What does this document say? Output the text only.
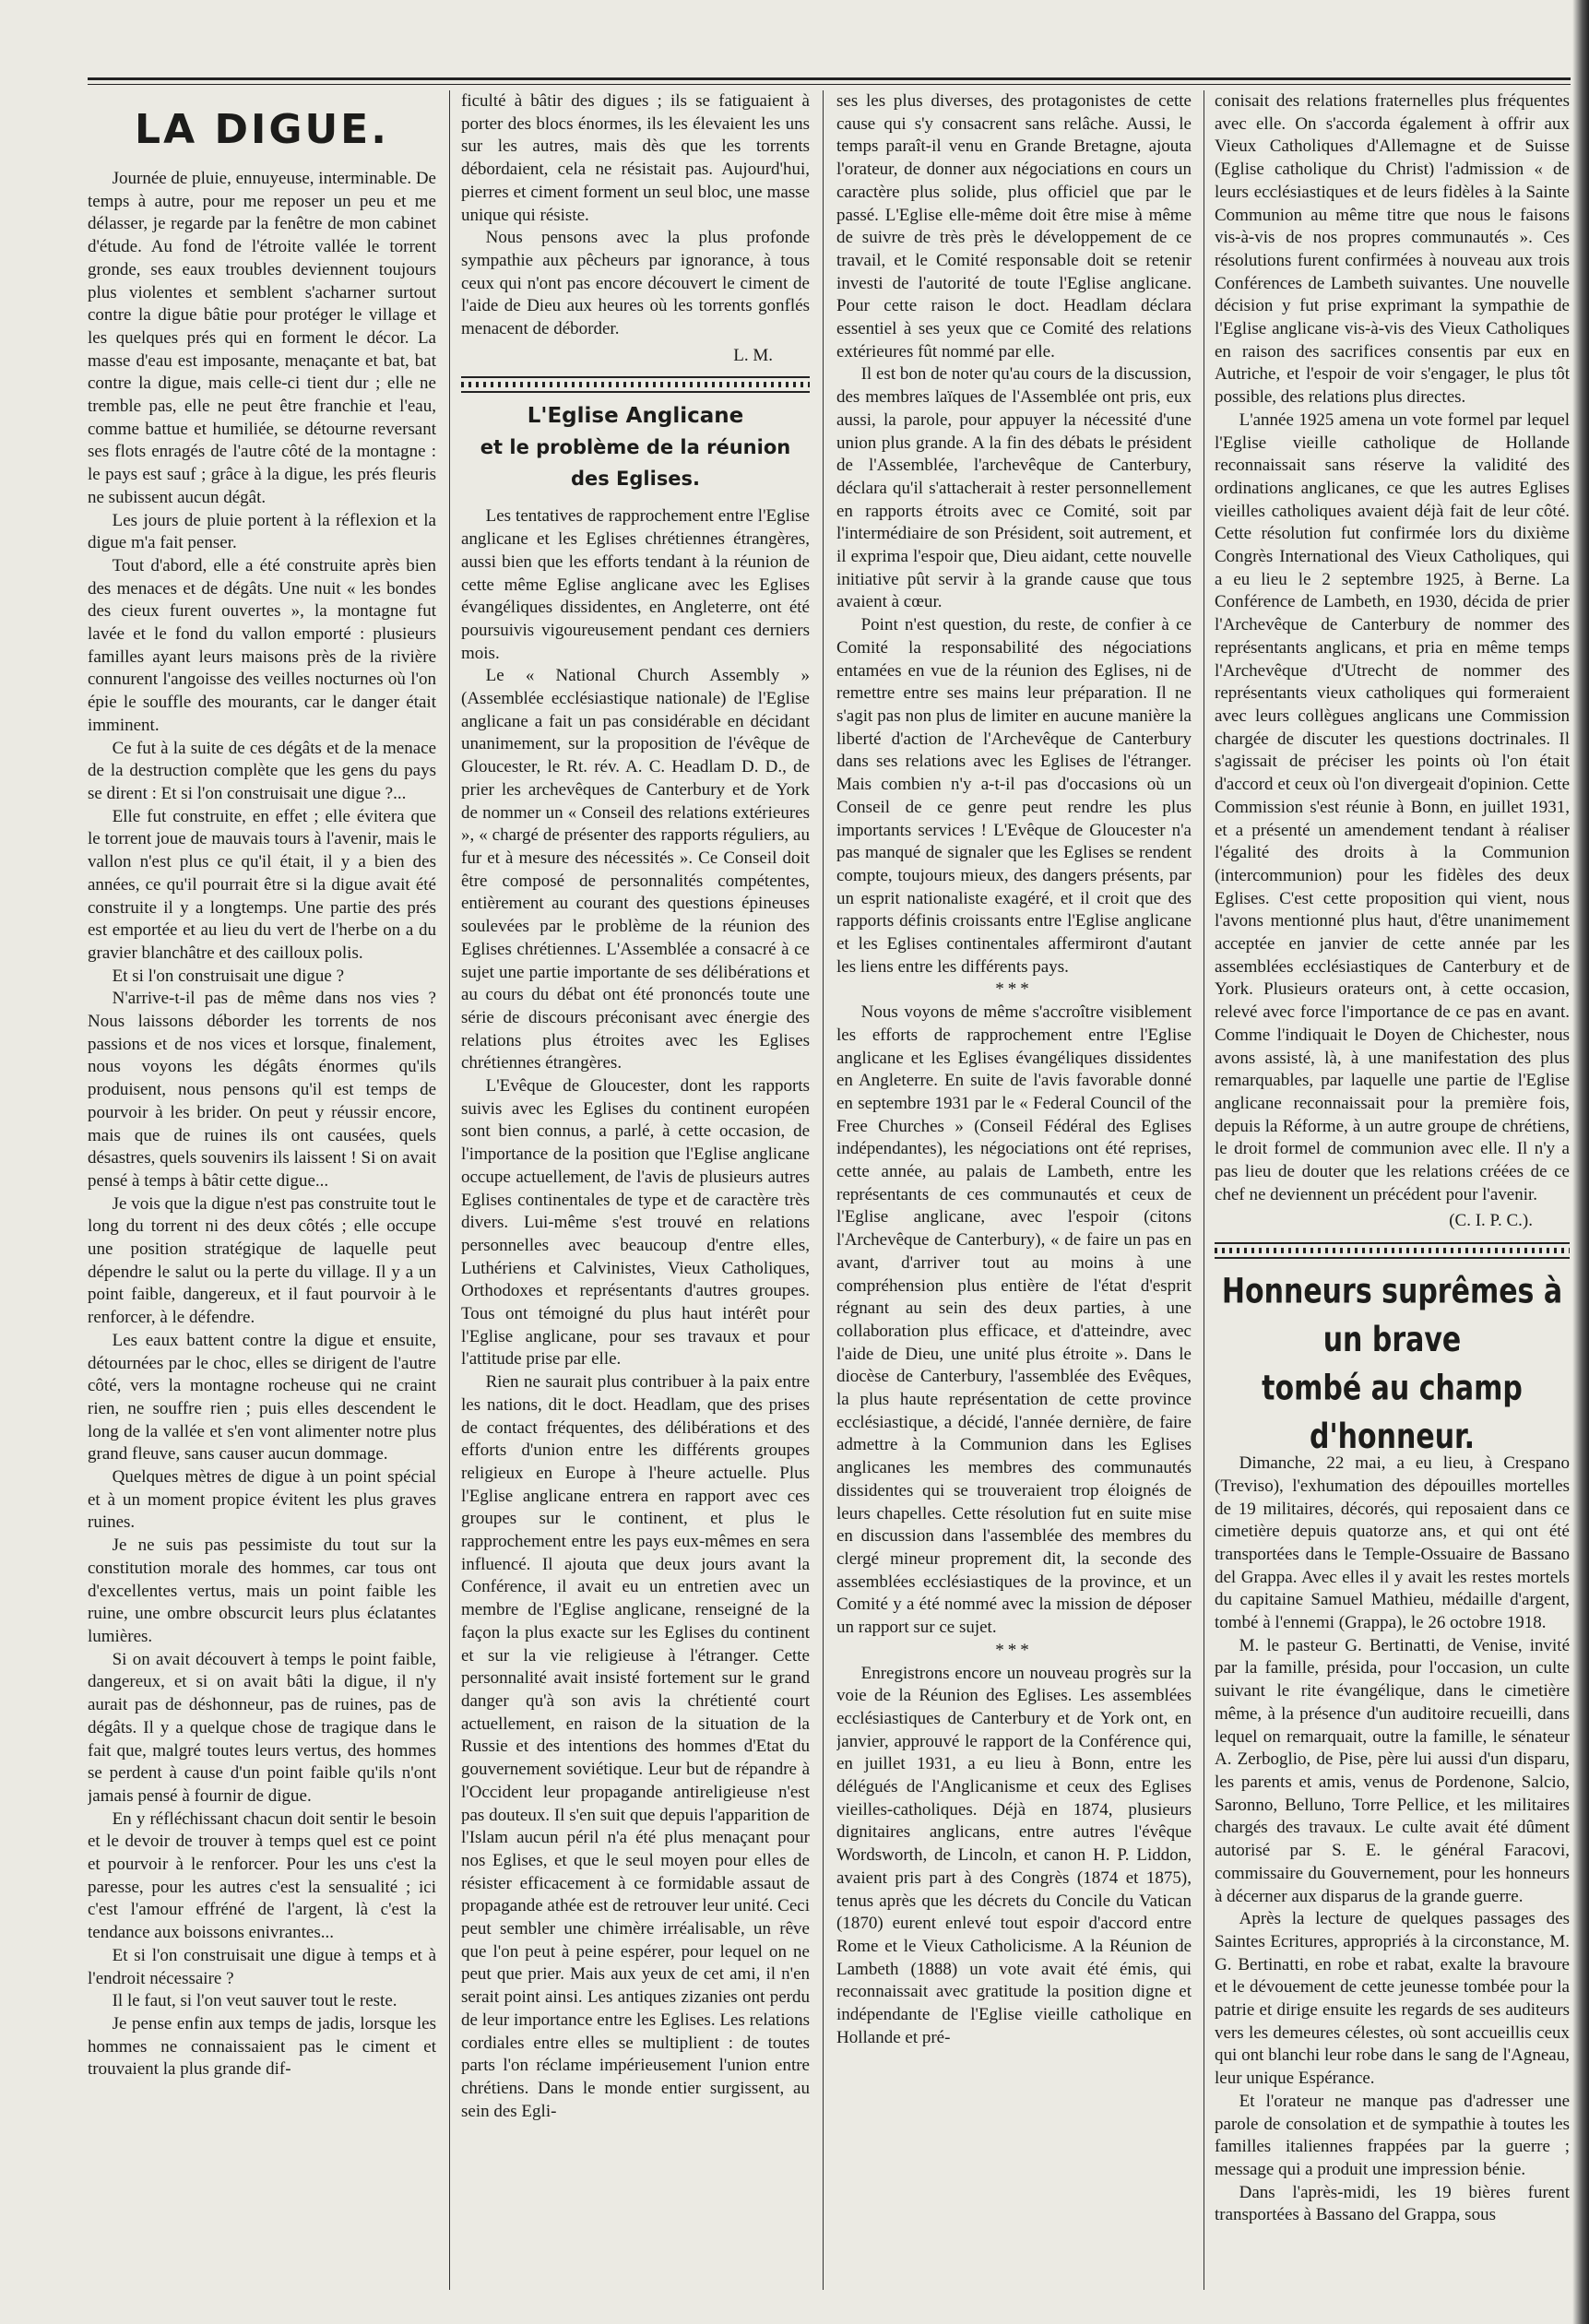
LA DIGUE.

Journée de pluie, ennuyeuse, interminable. De temps à autre, pour me reposer un peu et me délasser, je regarde par la fenêtre de mon cabinet d'étude. Au fond de l'étroite vallée le torrent gronde, ses eaux troubles deviennent toujours plus violentes et semblent s'acharner surtout contre la digue bâtie pour protéger le village et les quelques prés qui en forment le décor. La masse d'eau est imposante, menaçante et bat, bat contre la digue, mais celle-ci tient dur ; elle ne tremble pas, elle ne peut être franchie et l'eau, comme battue et humiliée, se détourne reversant ses flots enragés de l'autre côté de la montagne : le pays est sauf ; grâce à la digue, les prés fleuris ne subissent aucun dégât.

Les jours de pluie portent à la réflexion et la digue m'a fait penser.

Tout d'abord, elle a été construite après bien des menaces et de dégâts. Une nuit « les bondes des cieux furent ouvertes », la montagne fut lavée et le fond du vallon emporté : plusieurs familles ayant leurs maisons près de la rivière connurent l'angoisse des veilles nocturnes où l'on épie le souffle des mourants, car le danger était imminent.

Ce fut à la suite de ces dégâts et de la menace de la destruction complète que les gens du pays se dirent : Et si l'on construisait une digue ?...

Elle fut construite, en effet ; elle évitera que le torrent joue de mauvais tours à l'avenir, mais le vallon n'est plus ce qu'il était, il y a bien des années, ce qu'il pourrait être si la digue avait été construite il y a longtemps. Une partie des prés est emportée et au lieu du vert de l'herbe on a du gravier blanchâtre et des cailloux polis.

Et si l'on construisait une digue ?

N'arrive-t-il pas de même dans nos vies ? Nous laissons déborder les torrents de nos passions et de nos vices et lorsque, finalement, nous voyons les dégâts énormes qu'ils produisent, nous pensons qu'il est temps de pourvoir à les brider. On peut y réussir encore, mais que de ruines ils ont causées, quels désastres, quels souvenirs ils laissent ! Si on avait pensé à temps à bâtir cette digue...

Je vois que la digue n'est pas construite tout le long du torrent ni des deux côtés ; elle occupe une position stratégique de laquelle peut dépendre le salut ou la perte du village. Il y a un point faible, dangereux, et il faut pourvoir à le renforcer, à le défendre.

Les eaux battent contre la digue et ensuite, détournées par le choc, elles se dirigent de l'autre côté, vers la montagne rocheuse qui ne craint rien, ne souffre rien ; puis elles descendent le long de la vallée et s'en vont alimenter notre plus grand fleuve, sans causer aucun dommage.

Quelques mètres de digue à un point spécial et à un moment propice évitent les plus graves ruines.

Je ne suis pas pessimiste du tout sur la constitution morale des hommes, car tous ont d'excellentes vertus, mais un point faible les ruine, une ombre obscurcit leurs plus éclatantes lumières.

Si on avait découvert à temps le point faible, dangereux, et si on avait bâti la digue, il n'y aurait pas de déshonneur, pas de ruines, pas de dégâts. Il y a quelque chose de tragique dans le fait que, malgré toutes leurs vertus, des hommes se perdent à cause d'un point faible qu'ils n'ont jamais pensé à fournir de digue.

En y réfléchissant chacun doit sentir le besoin et le devoir de trouver à temps quel est ce point et pourvoir à le renforcer. Pour les uns c'est la paresse, pour les autres c'est la sensualité ; ici c'est l'amour effréné de l'argent, là c'est la tendance aux boissons enivrantes...

Et si l'on construisait une digue à temps et à l'endroit nécessaire ?

Il le faut, si l'on veut sauver tout le reste.

Je pense enfin aux temps de jadis, lorsque les hommes ne connaissaient pas le ciment et trouvaient la plus grande dif-

ficulté à bâtir des digues ; ils se fatiguaient à porter des blocs énormes, ils les élevaient les uns sur les autres, mais dès que les torrents débordaient, cela ne résistait pas. Aujourd'hui, pierres et ciment forment un seul bloc, une masse unique qui résiste.

Nous pensons avec la plus profonde sympathie aux pêcheurs par ignorance, à tous ceux qui n'ont pas encore découvert le ciment de l'aide de Dieu aux heures où les torrents gonflés menacent de déborder.

L. M.

L'Eglise Anglicane
et le problème de la réunion des Eglises.

Les tentatives de rapprochement entre l'Eglise anglicane et les Eglises chrétiennes étrangères, aussi bien que les efforts tendant à la réunion de cette même Eglise anglicane avec les Eglises évangéliques dissidentes, en Angleterre, ont été poursuivis vigoureusement pendant ces derniers mois.

Le « National Church Assembly » (Assemblée ecclésiastique nationale) de l'Eglise anglicane a fait un pas considérable en décidant unanimement, sur la proposition de l'évêque de Gloucester, le Rt. rév. A. C. Headlam D. D., de prier les archevêques de Canterbury et de York de nommer un « Conseil des relations extérieures », « chargé de présenter des rapports réguliers, au fur et à mesure des nécessités ». Ce Conseil doit être composé de personnalités compétentes, entièrement au courant des questions épineuses soulevées par le problème de la réunion des Eglises chrétiennes. L'Assemblée a consacré à ce sujet une partie importante de ses délibérations et au cours du débat ont été prononcés toute une série de discours préconisant avec énergie des relations plus étroites avec les Eglises chrétiennes étrangères.

L'Evêque de Gloucester, dont les rapports suivis avec les Eglises du continent européen sont bien connus, a parlé, à cette occasion, de l'importance de la position que l'Eglise anglicane occupe actuellement, de l'avis de plusieurs autres Eglises continentales de type et de caractère très divers. Lui-même s'est trouvé en relations personnelles avec beaucoup d'entre elles, Luthériens et Calvinistes, Vieux Catholiques, Orthodoxes et représentants d'autres groupes. Tous ont témoigné du plus haut intérêt pour l'Eglise anglicane, pour ses travaux et pour l'attitude prise par elle.

Rien ne saurait plus contribuer à la paix entre les nations, dit le doct. Headlam, que des prises de contact fréquentes, des délibérations et des efforts d'union entre les différents groupes religieux en Europe à l'heure actuelle. Plus l'Eglise anglicane entrera en rapport avec ces groupes sur le continent, et plus le rapprochement entre les pays eux-mêmes en sera influencé. Il ajouta que deux jours avant la Conférence, il avait eu un entretien avec un membre de l'Eglise anglicane, renseigné de la façon la plus exacte sur les Eglises du continent et sur la vie religieuse à l'étranger. Cette personnalité avait insisté fortement sur le grand danger qu'à son avis la chrétienté court actuellement, en raison de la situation de la Russie et des intentions des hommes d'Etat du gouvernement soviétique. Leur but de répandre à l'Occident leur propagande antireligieuse n'est pas douteux. Il s'en suit que depuis l'apparition de l'Islam aucun péril n'a été plus menaçant pour nos Eglises, et que le seul moyen pour elles de résister efficacement à ce formidable assaut de propagande athée est de retrouver leur unité. Ceci peut sembler une chimère irréalisable, un rêve que l'on peut à peine espérer, pour lequel on ne peut que prier. Mais aux yeux de cet ami, il n'en serait point ainsi. Les antiques zizanies ont perdu de leur importance entre les Eglises. Les relations cordiales entre elles se multiplient : de toutes parts l'on réclame impérieusement l'union entre chrétiens. Dans le monde entier surgissent, au sein des Egli-

ses les plus diverses, des protagonistes de cette cause qui s'y consacrent sans relâche. Aussi, le temps paraît-il venu en Grande Bretagne, ajouta l'orateur, de donner aux négociations en cours un caractère plus solide, plus officiel que par le passé. L'Eglise elle-même doit être mise à même de suivre de très près le développement de ce travail, et le Comité responsable doit se retenir investi de l'autorité de toute l'Eglise anglicane. Pour cette raison le doct. Headlam déclara essentiel à ses yeux que ce Comité des relations extérieures fût nommé par elle.

Il est bon de noter qu'au cours de la discussion, des membres laïques de l'Assemblée ont pris, eux aussi, la parole, pour appuyer la nécessité d'une union plus grande. A la fin des débats le président de l'Assemblée, l'archevêque de Canterbury, déclara qu'il s'attacherait à rester personnellement en rapports étroits avec ce Comité, soit par l'intermédiaire de son Président, soit autrement, et il exprima l'espoir que, Dieu aidant, cette nouvelle initiative pût servir à la grande cause que tous avaient à cœur.

Point n'est question, du reste, de confier à ce Comité la responsabilité des négociations entamées en vue de la réunion des Eglises, ni de remettre entre ses mains leur préparation. Il ne s'agit pas non plus de limiter en aucune manière la liberté d'action de l'Archevêque de Canterbury dans ses relations avec les Eglises de l'étranger. Mais combien n'y a-t-il pas d'occasions où un Conseil de ce genre peut rendre les plus importants services ! L'Evêque de Gloucester n'a pas manqué de signaler que les Eglises se rendent compte, toujours mieux, des dangers présents, par un esprit nationaliste exagéré, et il croit que des rapports définis croissants entre l'Eglise anglicane et les Eglises continentales affermiront d'autant les liens entre les différents pays.

***

Nous voyons de même s'accroître visiblement les efforts de rapprochement entre l'Eglise anglicane et les Eglises évangéliques dissidentes en Angleterre. En suite de l'avis favorable donné en septembre 1931 par le « Federal Council of the Free Churches » (Conseil Fédéral des Eglises indépendantes), les négociations ont été reprises, cette année, au palais de Lambeth, entre les représentants de ces communautés et ceux de l'Eglise anglicane, avec l'espoir (citons l'Archevêque de Canterbury), « de faire un pas en avant, d'arriver tout au moins à une compréhension plus entière de l'état d'esprit régnant au sein des deux parties, à une collaboration plus efficace, et d'atteindre, avec l'aide de Dieu, une unité plus étroite ». Dans le diocèse de Canterbury, l'assemblée des Evêques, la plus haute représentation de cette province ecclésiastique, a décidé, l'année dernière, de faire admettre à la Communion dans les Eglises anglicanes les membres des communautés dissidentes qui se trouveraient trop éloignés de leurs chapelles. Cette résolution fut en suite mise en discussion dans l'assemblée des membres du clergé mineur proprement dit, la seconde des assemblées ecclésiastiques de la province, et un Comité y a été nommé avec la mission de déposer un rapport sur ce sujet.

***

Enregistrons encore un nouveau progrès sur la voie de la Réunion des Eglises. Les assemblées ecclésiastiques de Canterbury et de York ont, en janvier, approuvé le rapport de la Conférence qui, en juillet 1931, a eu lieu à Bonn, entre les délégués de l'Anglicanisme et ceux des Eglises vieilles-catholiques. Déjà en 1874, plusieurs dignitaires anglicans, entre autres l'évêque Wordsworth, de Lincoln, et canon H. P. Liddon, avaient pris part à des Congrès (1874 et 1875), tenus après que les décrets du Concile du Vatican (1870) eurent enlevé tout espoir d'accord entre Rome et le Vieux Catholicisme. A la Réunion de Lambeth (1888) un vote avait été émis, qui reconnaissait avec gratitude la position digne et indépendante de l'Eglise vieille catholique en Hollande et pré-

conisait des relations fraternelles plus fréquentes avec elle. On s'accorda également à offrir aux Vieux Catholiques d'Allemagne et de Suisse (Eglise catholique du Christ) l'admission « de leurs ecclésiastiques et de leurs fidèles à la Sainte Communion au même titre que nous le faisons vis-à-vis de nos propres communautés ». Ces résolutions furent confirmées à nouveau aux trois Conférences de Lambeth suivantes. Une nouvelle décision y fut prise exprimant la sympathie de l'Eglise anglicane vis-à-vis des Vieux Catholiques en raison des sacrifices consentis par eux en Autriche, et l'espoir de voir s'engager, le plus tôt possible, des relations plus directes.

L'année 1925 amena un vote formel par lequel l'Eglise vieille catholique de Hollande reconnaissait sans réserve la validité des ordinations anglicanes, ce que les autres Eglises vieilles catholiques avaient déjà fait de leur côté. Cette résolution fut confirmée lors du dixième Congrès International des Vieux Catholiques, qui a eu lieu le 2 septembre 1925, à Berne. La Conférence de Lambeth, en 1930, décida de prier l'Archevêque de Canterbury de nommer des représentants anglicans, et pria en même temps l'Archevêque d'Utrecht de nommer des représentants vieux catholiques qui formeraient avec leurs collègues anglicans une Commission chargée de discuter les questions doctrinales. Il s'agissait de préciser les points où l'on était d'accord et ceux où l'on divergeait d'opinion. Cette Commission s'est réunie à Bonn, en juillet 1931, et a présenté un amendement tendant à réaliser l'égalité des droits à la Communion (intercommunion) pour les fidèles des deux Eglises. C'est cette proposition qui vient, nous l'avons mentionné plus haut, d'être unanimement acceptée en janvier de cette année par les assemblées ecclésiastiques de Canterbury et de York. Plusieurs orateurs ont, à cette occasion, relevé avec force l'importance de ce pas en avant. Comme l'indiquait le Doyen de Chichester, nous avons assisté, là, à une manifestation des plus remarquables, par laquelle une partie de l'Eglise anglicane reconnaissait pour la première fois, depuis la Réforme, à un autre groupe de chrétiens, le droit formel de communion avec elle. Il n'y a pas lieu de douter que les relations créées de ce chef ne deviennent un précédent pour l'avenir.

(C. I. P. C.).

Honneurs suprêmes à un brave
tombé au champ d'honneur.

Dimanche, 22 mai, a eu lieu, à Crespano (Treviso), l'exhumation des dépouilles mortelles de 19 militaires, décorés, qui reposaient dans ce cimetière depuis quatorze ans, et qui ont été transportées dans le Temple-Ossuaire de Bassano del Grappa. Avec elles il y avait les restes mortels du capitaine Samuel Mathieu, médaille d'argent, tombé à l'ennemi (Grappa), le 26 octobre 1918.

M. le pasteur G. Bertinatti, de Venise, invité par la famille, présida, pour l'occasion, un culte suivant le rite évangélique, dans le cimetière même, à la présence d'un auditoire recueilli, dans lequel on remarquait, outre la famille, le sénateur A. Zerboglio, de Pise, père lui aussi d'un disparu, les parents et amis, venus de Pordenone, Salcio, Saronno, Belluno, Torre Pellice, et les militaires chargés des travaux. Le culte avait été dûment autorisé par S. E. le général Faracovi, commissaire du Gouvernement, pour les honneurs à décerner aux disparus de la grande guerre.

Après la lecture de quelques passages des Saintes Ecritures, appropriés à la circonstance, M. G. Bertinatti, en robe et rabat, exalte la bravoure et le dévouement de cette jeunesse tombée pour la patrie et dirige ensuite les regards de ses auditeurs vers les demeures célestes, où sont accueillis ceux qui ont blanchi leur robe dans le sang de l'Agneau, leur unique Espérance.

Et l'orateur ne manque pas d'adresser une parole de consolation et de sympathie à toutes les familles italiennes frappées par la guerre ; message qui a produit une impression bénie.

Dans l'après-midi, les 19 bières furent transportées à Bassano del Grappa, sous
